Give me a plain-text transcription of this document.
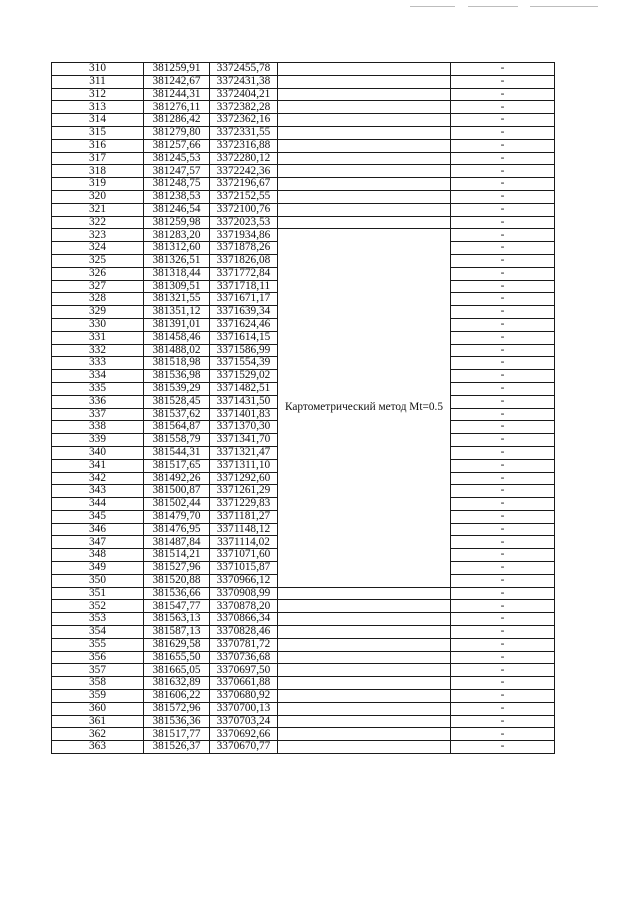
310	381259,91	3372455,78		-
311	381242,67	3372431,38		-
312	381244,31	3372404,21		-
313	381276,11	3372382,28		-
314	381286,42	3372362,16		-
315	381279,80	3372331,55		-
316	381257,66	3372316,88		-
317	381245,53	3372280,12		-
318	381247,57	3372242,36		-
319	381248,75	3372196,67		-
320	381238,53	3372152,55		-
321	381246,54	3372100,76		-
322	381259,98	3372023,53		-
323	381283,20	3371934,86	Картометрический метод Mt=0.5	-
324	381312,60	3371878,26		-
325	381326,51	3371826,08		-
326	381318,44	3371772,84		-
327	381309,51	3371718,11		-
328	381321,55	3371671,17		-
329	381351,12	3371639,34		-
330	381391,01	3371624,46		-
331	381458,46	3371614,15		-
332	381488,02	3371586,99		-
333	381518,98	3371554,39		-
334	381536,98	3371529,02		-
335	381539,29	3371482,51		-
336	381528,45	3371431,50		-
337	381537,62	3371401,83		-
338	381564,87	3371370,30		-
339	381558,79	3371341,70		-
340	381544,31	3371321,47		-
341	381517,65	3371311,10		-
342	381492,26	3371292,60		-
343	381500,87	3371261,29		-
344	381502,44	3371229,83		-
345	381479,70	3371181,27		-
346	381476,95	3371148,12		-
347	381487,84	3371114,02		-
348	381514,21	3371071,60		-
349	381527,96	3371015,87		-
350	381520,88	3370966,12		-
351	381536,66	3370908,99		-
352	381547,77	3370878,20		-
353	381563,13	3370866,34		-
354	381587,13	3370828,46		-
355	381629,58	3370781,72		-
356	381655,50	3370736,68		-
357	381665,05	3370697,50		-
358	381632,89	3370661,88		-
359	381606,22	3370680,92		-
360	381572,96	3370700,13		-
361	381536,36	3370703,24		-
362	381517,77	3370692,66		-
363	381526,37	3370670,77		-
